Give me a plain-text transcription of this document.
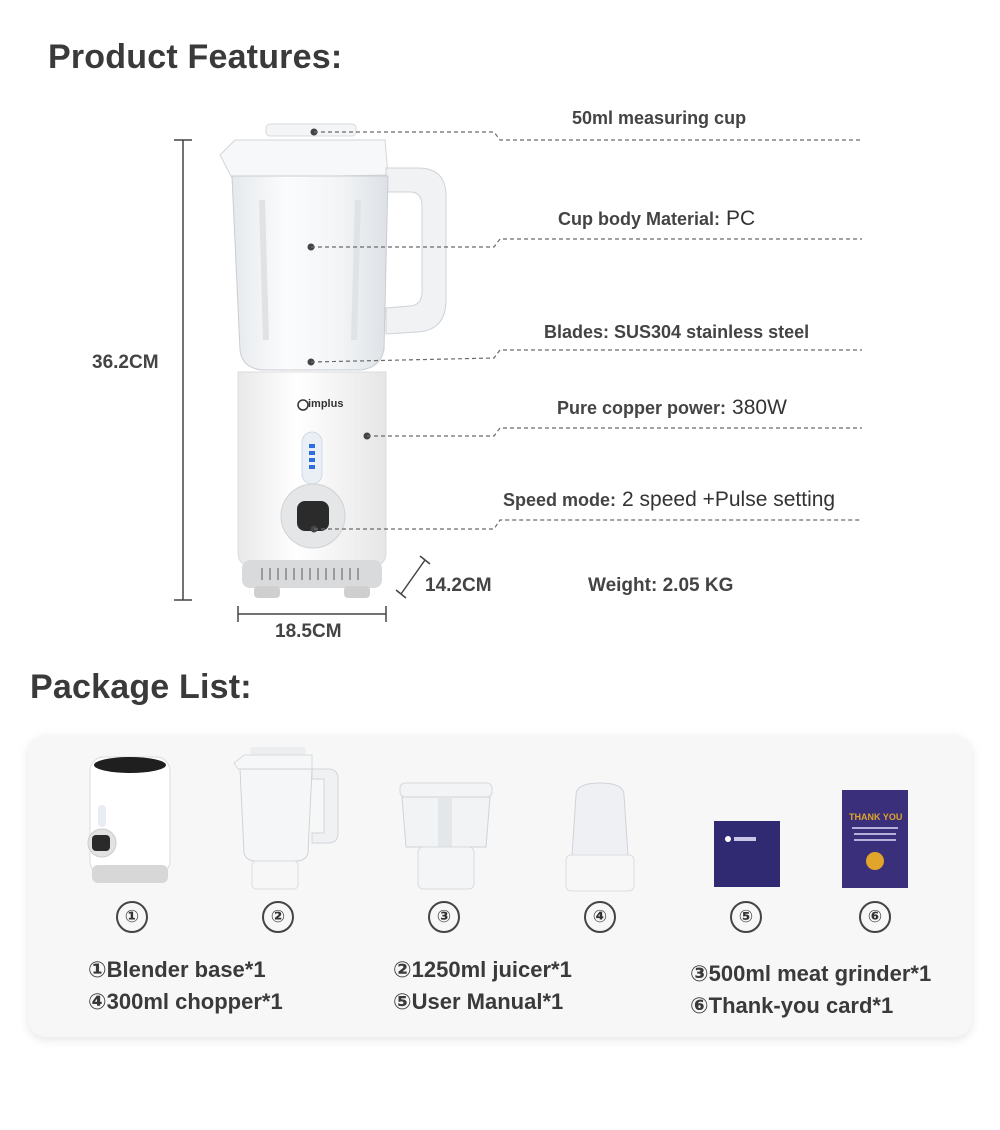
Product Features:
implus
50ml measuring cup
Cup body Material: PC
Blades: SUS304 stainless steel
Pure copper power: 380W
Speed mode: 2 speed +Pulse setting
36.2CM
18.5CM
14.2CM	Weight: 2.05 KG
Package List:
THANK YOU
①	②	③	④	⑤	⑥
①Blender base*1
④300ml chopper*1
②1250ml juicer*1
⑤User Manual*1
③500ml meat grinder*1
⑥Thank-you card*1
